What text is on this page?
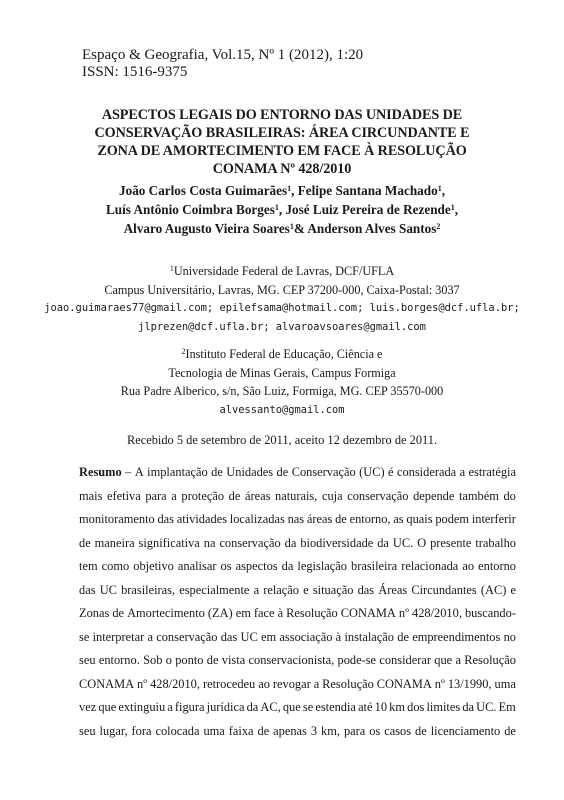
Espaço & Geografia, Vol.15, Nº 1 (2012), 1:20
ISSN: 1516-9375
ASPECTOS LEGAIS DO ENTORNO DAS UNIDADES DE
CONSERVAÇÃO BRASILEIRAS: ÁREA CIRCUNDANTE E
ZONA DE AMORTECIMENTO EM FACE À RESOLUÇÃO
CONAMA Nº 428/2010
João Carlos Costa Guimarães$^1$, Felipe Santana Machado$^1$,
Luís Antônio Coimbra Borges$^1$, José Luiz Pereira de Rezende$^1$,
Alvaro Augusto Vieira Soares$^1$& Anderson Alves Santos$^2$
$^1$Universidade Federal de Lavras, DCF/UFLA
Campus Universitário, Lavras, MG. CEP 37200-000, Caixa-Postal: 3037
joao.guimaraes77@gmail.com; epilefsama@hotmail.com; luis.borges@dcf.ufla.br;
jlprezen@dcf.ufla.br; alvaroavsoares@gmail.com
$^2$Instituto Federal de Educação, Ciência e
Tecnologia de Minas Gerais, Campus Formiga
Rua Padre Alberico, s/n, São Luiz, Formiga, MG. CEP 35570-000
alvessanto@gmail.com
Recebido 5 de setembro de 2011, aceito 12 dezembro de 2011.
Resumo – A implantação de Unidades de Conservação (UC) é considerada a estratégia
mais efetiva para a proteção de áreas naturais, cuja conservação depende também do
monitoramento das atividades localizadas nas áreas de entorno, as quais podem interferir
de maneira significativa na conservação da biodiversidade da UC. O presente trabalho
tem como objetivo analisar os aspectos da legislação brasileira relacionada ao entorno
das UC brasileiras, especialmente a relação e situação das Áreas Circundantes (AC) e
Zonas de Amortecimento (ZA) em face à Resolução CONAMA nº 428/2010, buscando-
se interpretar a conservação das UC em associação à instalação de empreendimentos no
seu entorno. Sob o ponto de vista conservacionista, pode-se considerar que a Resolução
CONAMA nº 428/2010, retrocedeu ao revogar a Resolução CONAMA nº 13/1990, uma
vez que extinguiu a figura jurídica da AC, que se estendia até 10 km dos limites da UC. Em
seu lugar, fora colocada uma faixa de apenas 3 km, para os casos de licenciamento de
